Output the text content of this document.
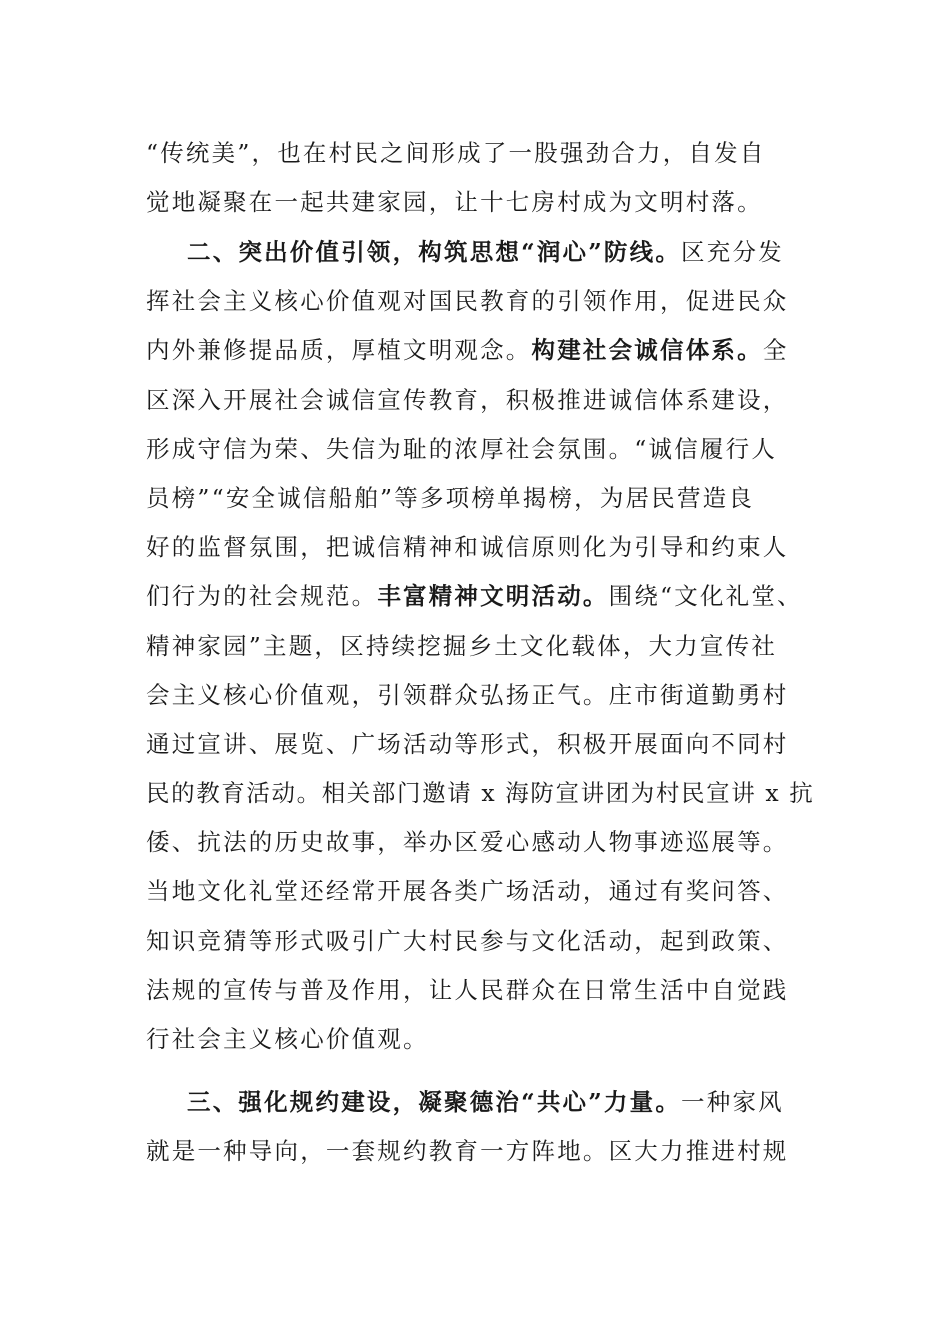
“传统美”，也在村民之间形成了一股强劲合力，自发自
觉地凝聚在一起共建家园，让十七房村成为文明村落。
二、突出价值引领，构筑思想“润心”防线。区充分发
挥社会主义核心价值观对国民教育的引领作用，促进民众
内外兼修提品质，厚植文明观念。构建社会诚信体系。全
区深入开展社会诚信宣传教育，积极推进诚信体系建设，
形成守信为荣、失信为耻的浓厚社会氛围。“诚信履行人
员榜”“安全诚信船舶”等多项榜单揭榜，为居民营造良
好的监督氛围，把诚信精神和诚信原则化为引导和约束人
们行为的社会规范。丰富精神文明活动。围绕“文化礼堂、
精神家园”主题，区持续挖掘乡土文化载体，大力宣传社
会主义核心价值观，引领群众弘扬正气。庄市街道勤勇村
通过宣讲、展览、广场活动等形式，积极开展面向不同村
民的教育活动。相关部门邀请 x 海防宣讲团为村民宣讲 x 抗
倭、抗法的历史故事，举办区爱心感动人物事迹巡展等。
当地文化礼堂还经常开展各类广场活动，通过有奖问答、
知识竞猜等形式吸引广大村民参与文化活动，起到政策、
法规的宣传与普及作用，让人民群众在日常生活中自觉践
行社会主义核心价值观。
三、强化规约建设，凝聚德治“共心”力量。一种家风
就是一种导向，一套规约教育一方阵地。区大力推进村规
